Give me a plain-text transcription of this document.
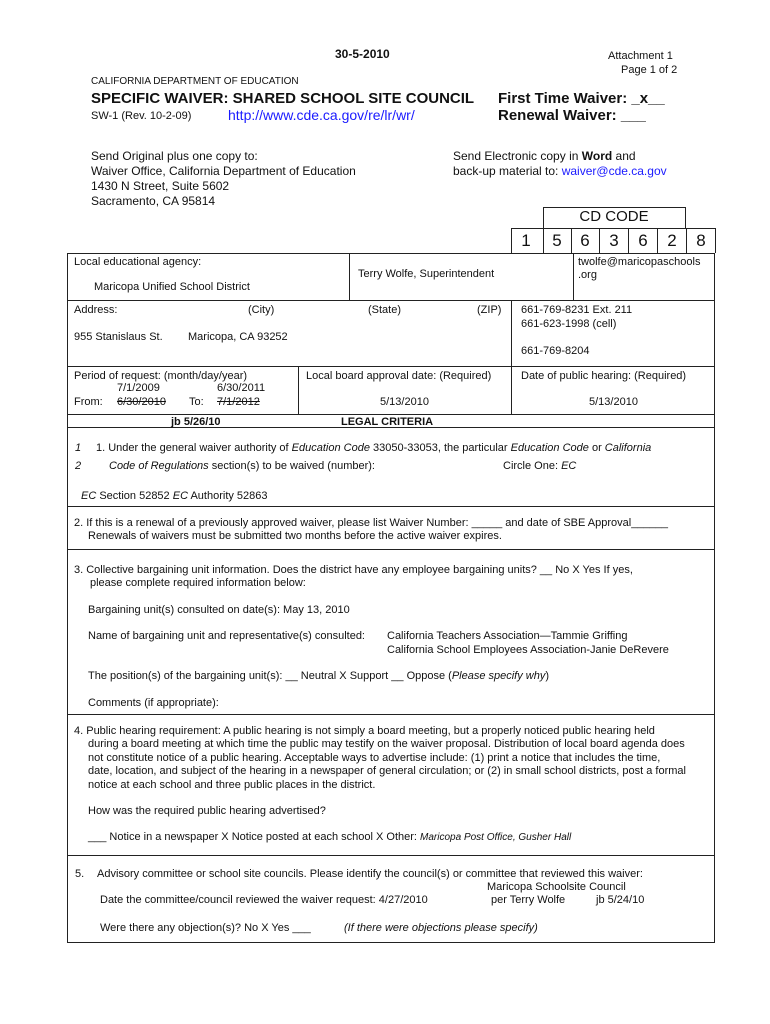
30-5-2010	Attachment 1
Page 1 of 2
CALIFORNIA DEPARTMENT OF EDUCATION
SPECIFIC WAIVER: SHARED SCHOOL SITE COUNCIL First Time Waiver: _x__
SW-1 (Rev. 10-2-09)	http://www.cde.ca.gov/re/lr/wr/	Renewal Waiver: ___
Send Original plus one copy to:
Waiver Office, California Department of Education
1430 N Street, Suite 5602
Sacramento, CA 95814
Send Electronic copy in Word and
back-up material to: waiver@cde.ca.gov
CD CODE
1	5	6	3	6	2	8
Local educational agency:
Maricopa Unified School District
Terry Wolfe, Superintendent
twolfe@maricopaschools
.org
Address:	(City)	(State)	(ZIP)
955 Stanislaus St. Maricopa, CA 93252
661-769-8231 Ext. 211
661-623-1998 (cell)
661-769-8204
Period of request: (month/day/year)
7/1/2009	6/30/2011
From: 6/30/2010 To: 7/1/2012
Local board approval date: (Required)
5/13/2010
Date of public hearing: (Required)
5/13/2010
jb 5/26/10	LEGAL CRITERIA
1
2
1. Under the general waiver authority of Education Code 33050-33053, the particular Education Code or California
Code of Regulations section(s) to be waived (number):	Circle One: EC
EC Section 52852 EC Authority 52863
2. If this is a renewal of a previously approved waiver, please list Waiver Number: _____ and date of SBE Approval______
Renewals of waivers must be submitted two months before the active waiver expires.
3. Collective bargaining unit information. Does the district have any employee bargaining units? __ No X Yes If yes,
please complete required information below:
Bargaining unit(s) consulted on date(s): May 13, 2010
Name of bargaining unit and representative(s) consulted: California Teachers Association—Tammie Griffing
California School Employees Association-Janie DeRevere
The position(s) of the bargaining unit(s): __ Neutral X Support __ Oppose (Please specify why)
Comments (if appropriate):
4. Public hearing requirement: A public hearing is not simply a board meeting, but a properly noticed public hearing held
during a board meeting at which time the public may testify on the waiver proposal. Distribution of local board agenda does
not constitute notice of a public hearing. Acceptable ways to advertise include: (1) print a notice that includes the time,
date, location, and subject of the hearing in a newspaper of general circulation; or (2) in small school districts, post a formal
notice at each school and three public places in the district.
How was the required public hearing advertised?
___ Notice in a newspaper X Notice posted at each school X Other: Maricopa Post Office, Gusher Hall
5. Advisory committee or school site councils. Please identify the council(s) or committee that reviewed this waiver:
Maricopa Schoolsite Council
Date the committee/council reviewed the waiver request: 4/27/2010	per Terry Wolfe	jb 5/24/10
Were there any objection(s)? No X Yes ___	(If there were objections please specify)
